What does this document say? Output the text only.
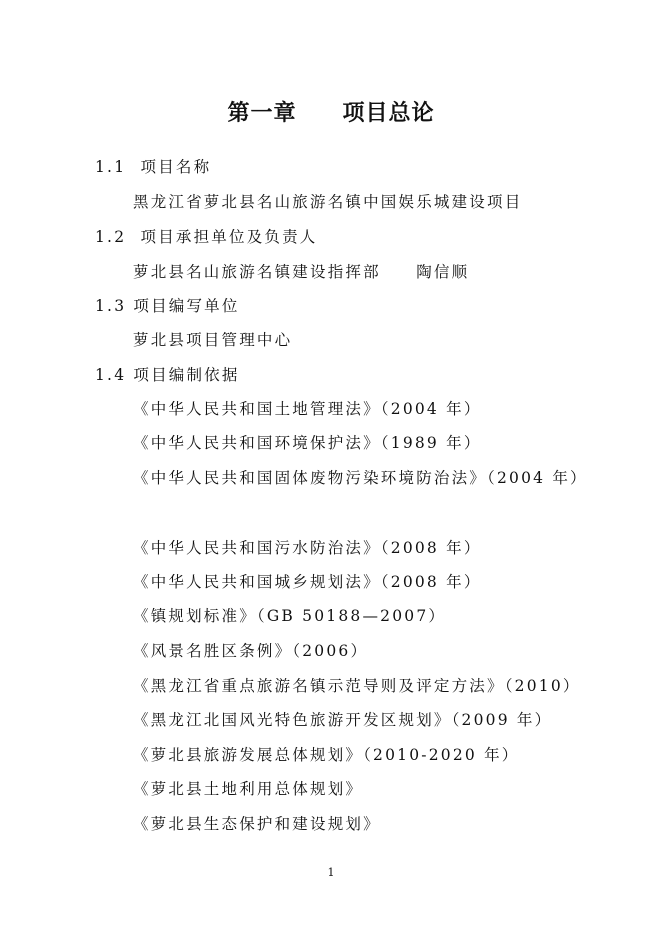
第一章　　项目总论
1.1  项目名称
黑龙江省萝北县名山旅游名镇中国娱乐城建设项目
1.2  项目承担单位及负责人
萝北县名山旅游名镇建设指挥部　　陶信顺
1.3 项目编写单位
萝北县项目管理中心
1.4 项目编制依据
《中华人民共和国土地管理法》（2004 年）
《中华人民共和国环境保护法》（1989 年）
《中华人民共和国固体废物污染环境防治法》（2004 年）
《中华人民共和国污水防治法》（2008 年）
《中华人民共和国城乡规划法》（2008 年）
《镇规划标准》（GB 50188—2007）
《风景名胜区条例》（2006）
《黑龙江省重点旅游名镇示范导则及评定方法》（2010）
《黑龙江北国风光特色旅游开发区规划》（2009 年）
《萝北县旅游发展总体规划》（2010-2020 年）
《萝北县土地利用总体规划》
《萝北县生态保护和建设规划》
1
